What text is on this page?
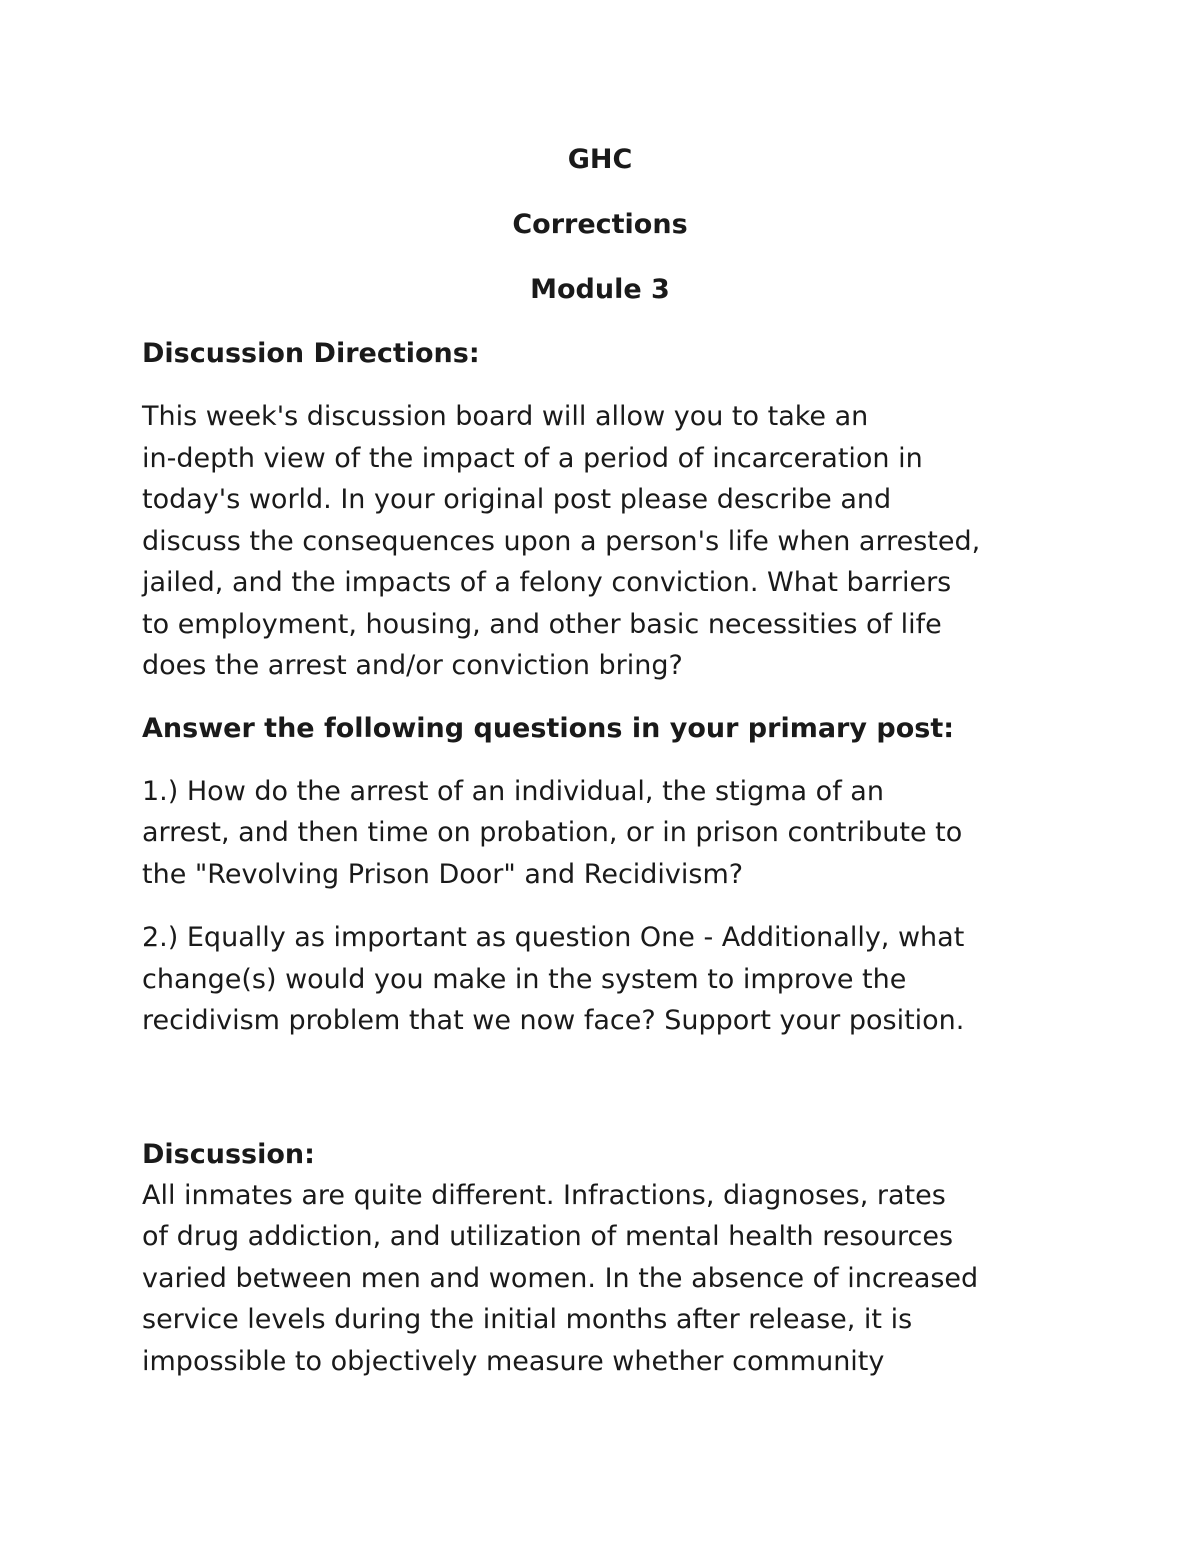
GHC

Corrections

Module 3

Discussion Directions:

This week's discussion board will allow you to take an
in-depth view of the impact of a period of incarceration in
today's world. In your original post please describe and
discuss the consequences upon a person's life when arrested,
jailed, and the impacts of a felony conviction. What barriers
to employment, housing, and other basic necessities of life
does the arrest and/or conviction bring?

Answer the following questions in your primary post:

1.) How do the arrest of an individual, the stigma of an
arrest, and then time on probation, or in prison contribute to
the "Revolving Prison Door" and Recidivism?
2.) Equally as important as question One - Additionally, what
change(s) would you make in the system to improve the
recidivism problem that we now face? Support your position.

Discussion:

All inmates are quite different. Infractions, diagnoses, rates
of drug addiction, and utilization of mental health resources
varied between men and women. In the absence of increased
service levels during the initial months after release, it is
impossible to objectively measure whether community
